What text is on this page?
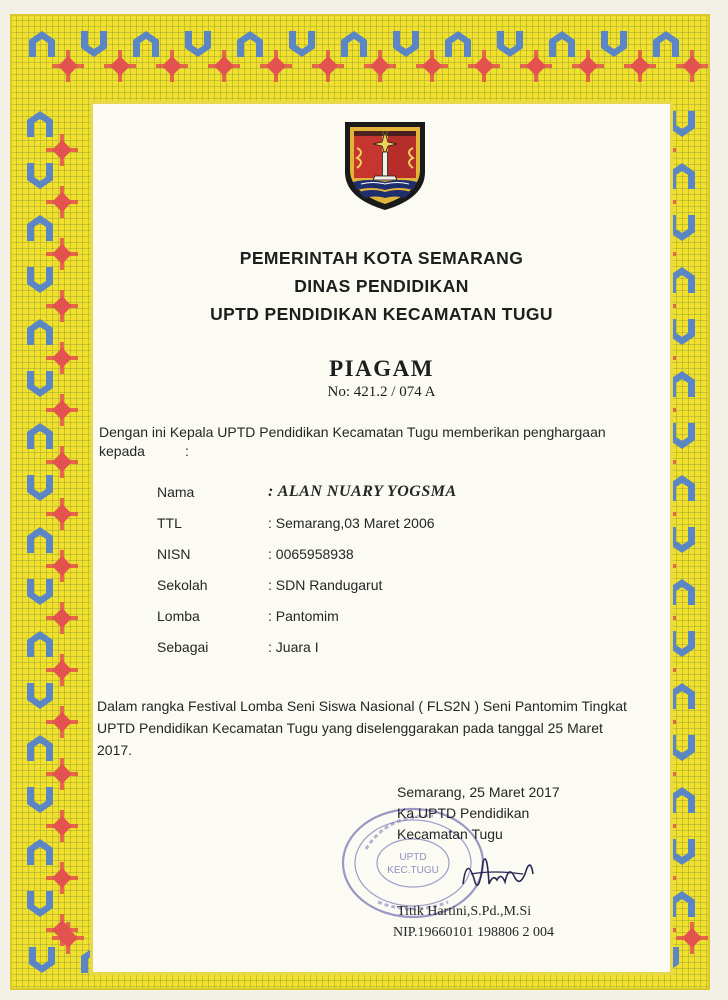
PEMERINTAH KOTA SEMARANG
DINAS PENDIDIKAN
UPTD PENDIDIKAN KECAMATAN TUGU
PIAGAM
No: 421.2 / 074 A
Dengan ini Kepala UPTD Pendidikan Kecamatan Tugu memberikan penghargaan
kepada	:
Nama	: ALAN NUARY YOGSMA
TTL	: Semarang,03 Maret 2006
NISN	: 0065958938
Sekolah	: SDN Randugarut
Lomba	: Pantomim
Sebagai	: Juara I
Dalam rangka Festival Lomba Seni Siswa Nasional ( FLS2N ) Seni Pantomim Tingkat
UPTD Pendidikan Kecamatan Tugu yang diselenggarakan pada tanggal 25 Maret
2017.
UPTD
KEC.TUGU
Semarang, 25 Maret 2017
Ka.UPTD Pendidikan
Kecamatan Tugu
Titik Hartini,S.Pd.,M.Si
NIP.19660101 198806 2 004
